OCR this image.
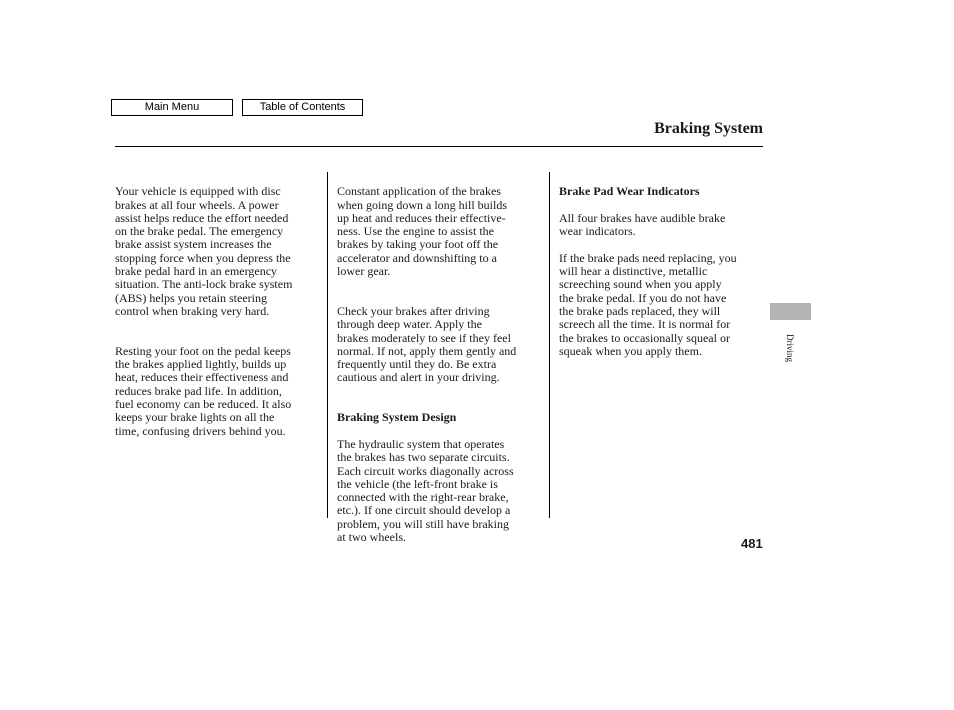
Main Menu	Table of Contents
Braking System

Your vehicle is equipped with disc
brakes at all four wheels. A power
assist helps reduce the effort needed
on the brake pedal. The emergency
brake assist system increases the
stopping force when you depress the
brake pedal hard in an emergency
situation. The anti-lock brake system
(ABS) helps you retain steering
control when braking very hard.

Resting your foot on the pedal keeps
the brakes applied lightly, builds up
heat, reduces their effectiveness and
reduces brake pad life. In addition,
fuel economy can be reduced. It also
keeps your brake lights on all the
time, confusing drivers behind you.

Constant application of the brakes
when going down a long hill builds
up heat and reduces their effective-
ness. Use the engine to assist the
brakes by taking your foot off the
accelerator and downshifting to a
lower gear.

Check your brakes after driving
through deep water. Apply the
brakes moderately to see if they feel
normal. If not, apply them gently and
frequently until they do. Be extra
cautious and alert in your driving.

Braking System Design

The hydraulic system that operates
the brakes has two separate circuits.
Each circuit works diagonally across
the vehicle (the left-front brake is
connected with the right-rear brake,
etc.). If one circuit should develop a
problem, you will still have braking
at two wheels.

Brake Pad Wear Indicators

All four brakes have audible brake
wear indicators.

If the brake pads need replacing, you
will hear a distinctive, metallic
screeching sound when you apply
the brake pedal. If you do not have
the brake pads replaced, they will
screech all the time. It is normal for
the brakes to occasionally squeal or
squeak when you apply them.	Driving
481
